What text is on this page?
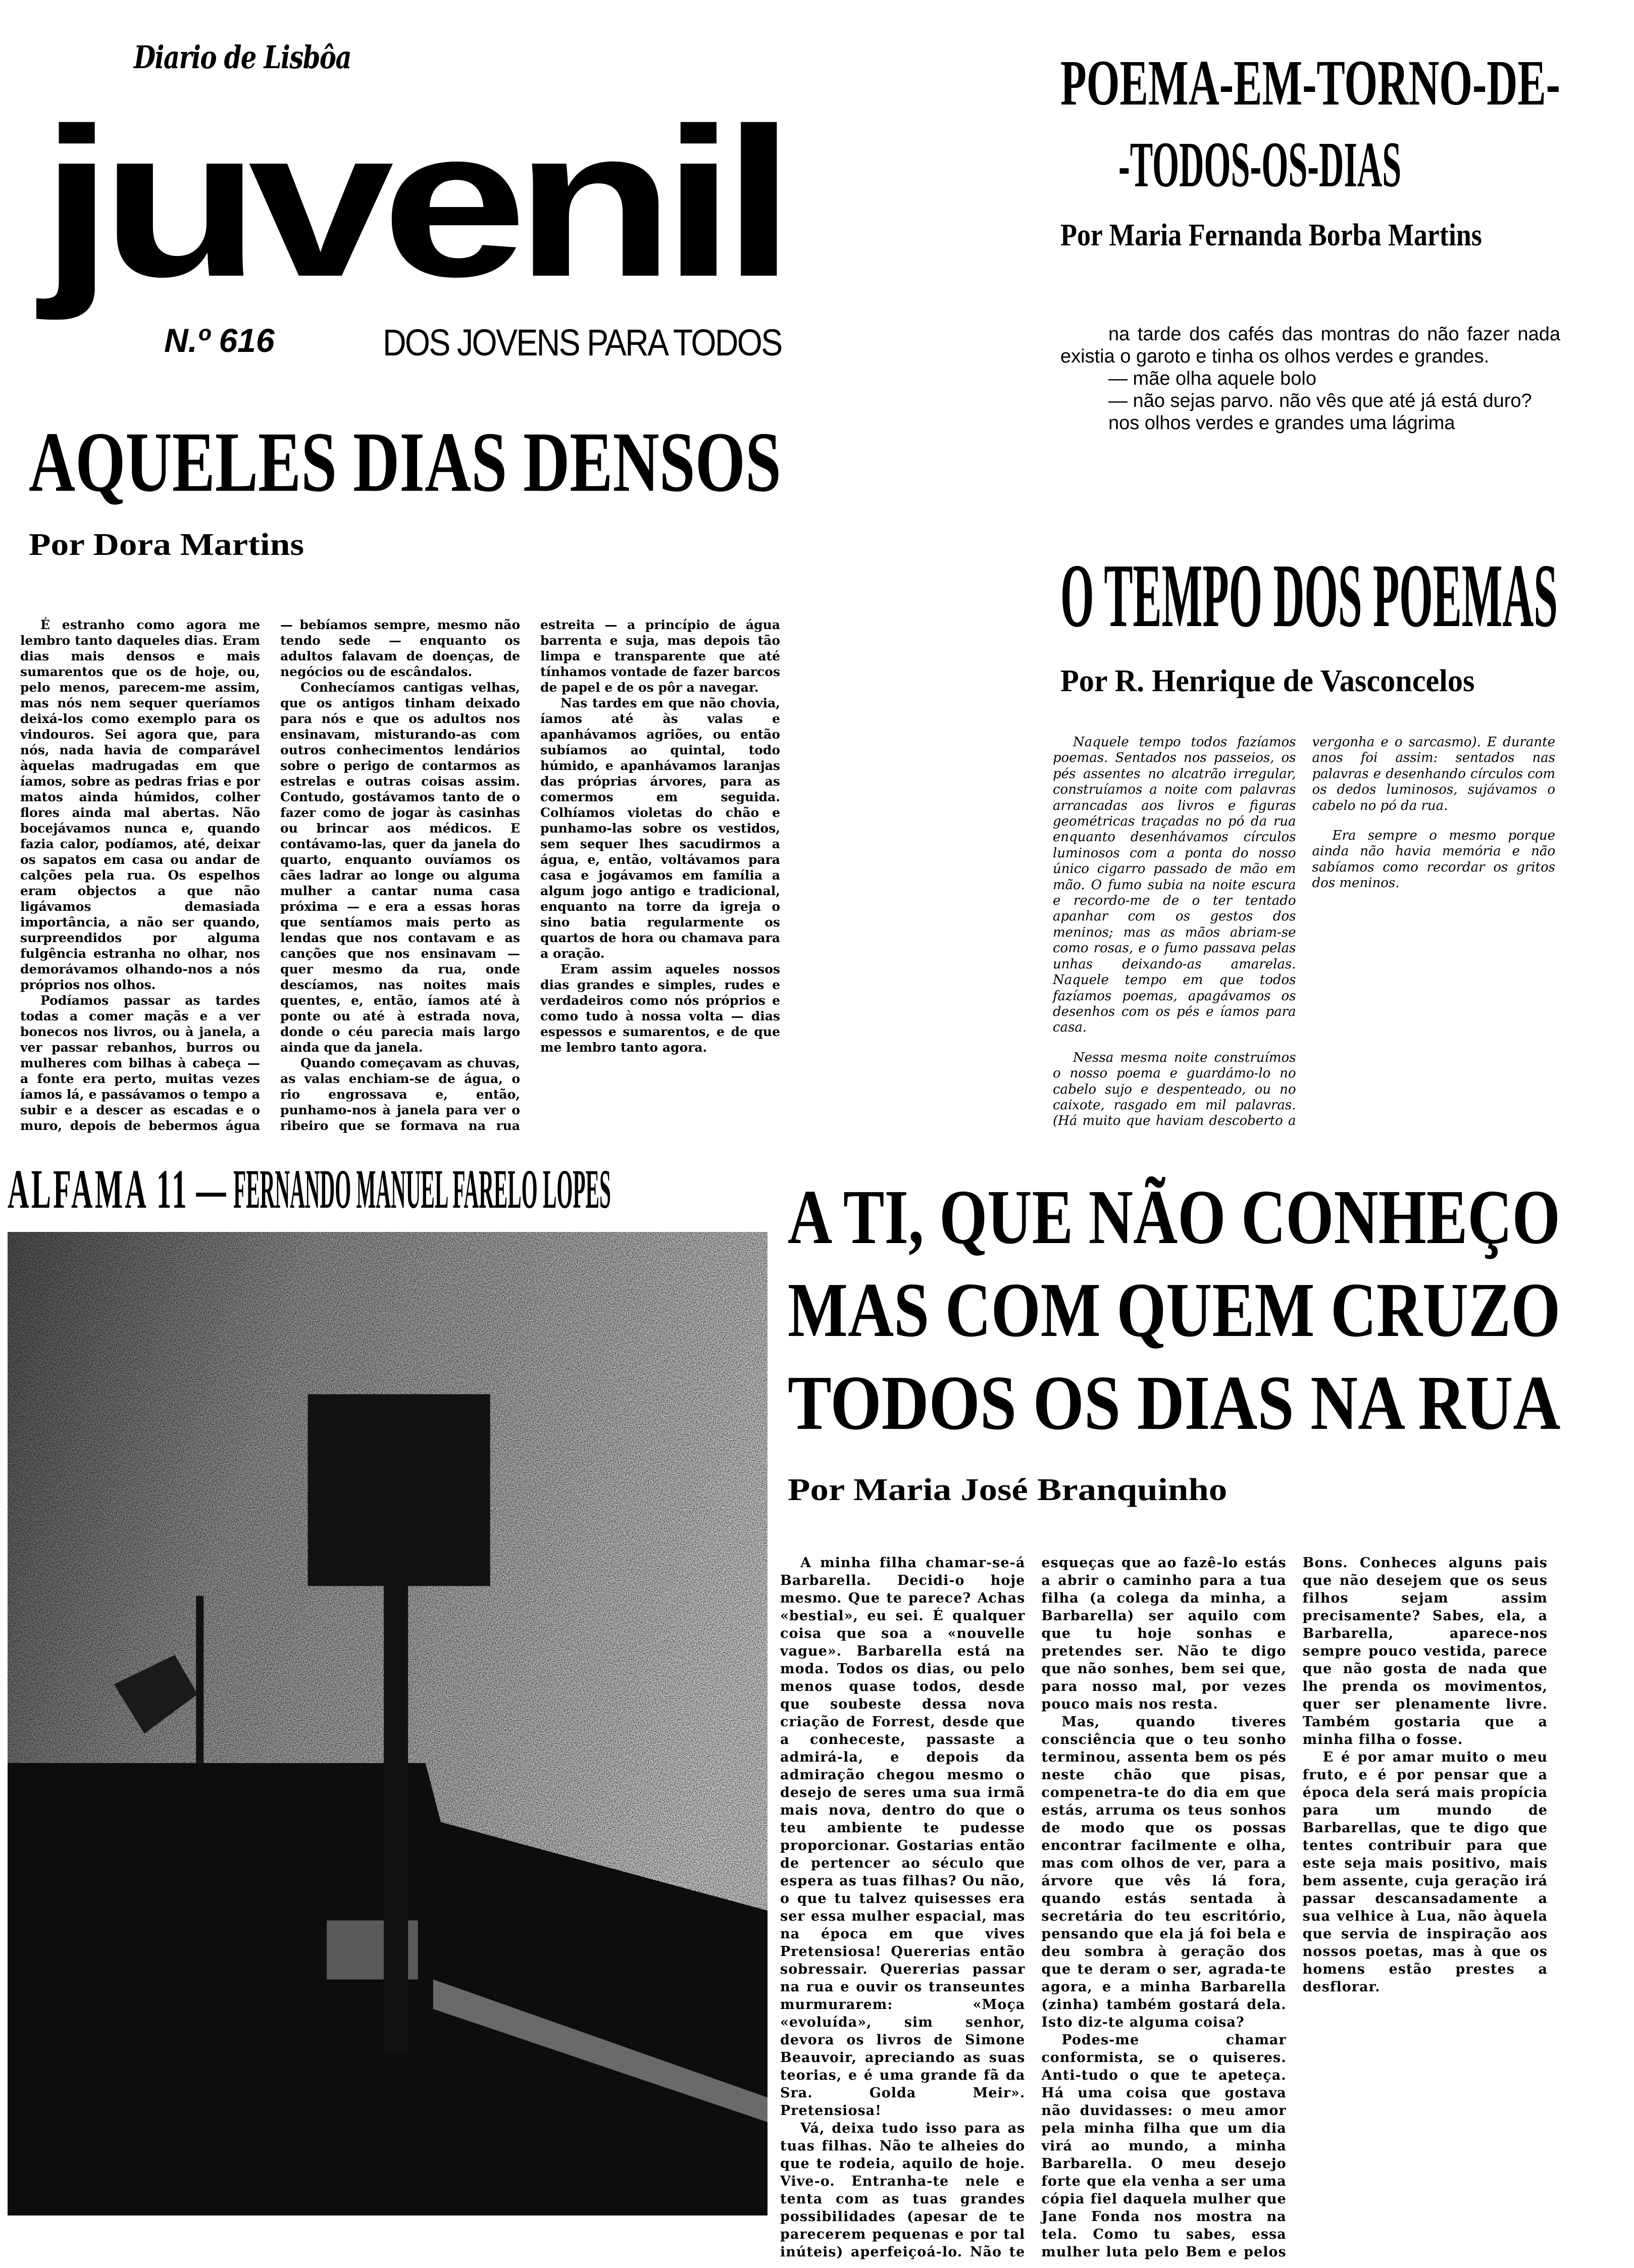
Diario de Lisbôa
juvenil
N.º 616	DOS JOVENS PARA TODOS
POEMA-EM-TORNO-DE-
-TODOS-OS-DIAS
Por Maria Fernanda Borba Martins

na tarde dos cafés das montras do não fazer nada existia o garoto e tinha os olhos verdes e grandes.

— mãe olha aquele bolo

— não sejas parvo. não vês que até já está duro?

nos olhos verdes e grandes uma lágrima

AQUELES DIAS DENSOS
Por Dora Martins

É estranho como agora me lembro tanto daqueles dias. Eram dias mais densos e mais sumarentos que os de hoje, ou, pelo menos, parecem-me assim, mas nós nem sequer queríamos deixá-los como exemplo para os vindouros. Sei agora que, para nós, nada havia de comparável àquelas madrugadas em que íamos, sobre as pedras frias e por matos ainda húmidos, colher flores ainda mal abertas. Não bocejávamos nunca e, quando fazia calor, podíamos, até, deixar os sapatos em casa ou andar de calções pela rua. Os espelhos eram objectos a que não ligávamos demasiada importância, a não ser quando, surpreendidos por alguma fulgência estranha no olhar, nos demorávamos olhando-nos a nós próprios nos olhos.

Podíamos passar as tardes todas a comer maçãs e a ver bonecos nos livros, ou à janela, a ver passar rebanhos, burros ou mulheres com bilhas à cabeça — a fonte era perto, muitas vezes íamos lá, e passávamos o tempo a subir e a descer as escadas e o muro, depois de bebermos água — bebíamos sempre, mesmo não tendo sede — enquanto os adultos falavam de doenças, de negócios ou de escândalos.

Conhecíamos cantigas velhas, que os antigos tinham deixado para nós e que os adultos nos ensinavam, misturando-as com outros conhecimentos lendários sobre o perigo de contarmos as estrelas e outras coisas assim. Contudo, gostávamos tanto de o fazer como de jogar às casinhas ou brincar aos médicos. E contávamo-las, quer da janela do quarto, enquanto ouvíamos os cães ladrar ao longe ou alguma mulher a cantar numa casa próxima — e era a essas horas que sentíamos mais perto as lendas que nos contavam e as canções que nos ensinavam — quer mesmo da rua, onde descíamos, nas noites mais quentes, e, então, íamos até à ponte ou até à estrada nova, donde o céu parecia mais largo ainda que da janela.

Quando começavam as chuvas, as valas enchiam-se de água, o rio engrossava e, então, punhamo-nos à janela para ver o ribeiro que se formava na rua estreita — a princípio de água barrenta e suja, mas depois tão limpa e transparente que até tínhamos vontade de fazer barcos de papel e de os pôr a navegar.

Nas tardes em que não chovia, íamos até às valas e apanhávamos agriões, ou então subíamos ao quintal, todo húmido, e apanhávamos laranjas das próprias árvores, para as comermos em seguida. Colhíamos violetas do chão e punhamo-las sobre os vestidos, sem sequer lhes sacudirmos a água, e, então, voltávamos para casa e jogávamos em família a algum jogo antigo e tradicional, enquanto na torre da igreja o sino batia regularmente os quartos de hora ou chamava para a oração.

Eram assim aqueles nossos dias grandes e simples, rudes e verdadeiros como nós próprios e como tudo à nossa volta — dias espessos e sumarentos, e de que me lembro tanto agora.

O TEMPO DOS POEMAS
Por R. Henrique de Vasconcelos

Naquele tempo todos fazíamos poemas. Sentados nos passeios, os pés assentes no alcatrão irregular, construíamos a noite com palavras arrancadas aos livros e figuras geométricas traçadas no pó da rua enquanto desenhávamos círculos luminosos com a ponta do nosso único cigarro passado de mão em mão. O fumo subia na noite escura e recordo-me de o ter tentado apanhar com os gestos dos meninos; mas as mãos abriam-se como rosas, e o fumo passava pelas unhas deixando-as amarelas. Naquele tempo em que todos fazíamos poemas, apagávamos os desenhos com os pés e íamos para casa.

Nessa mesma noite construímos o nosso poema e guardámo-lo no cabelo sujo e despenteado, ou no caixote, rasgado em mil palavras. (Há muito que haviam descoberto a vergonha e o sarcasmo). E durante anos foi assim: sentados nas palavras e desenhando círculos com os dedos luminosos, sujávamos o cabelo no pó da rua.

Era sempre o mesmo porque ainda não havia memória e não sabíamos como recordar os gritos dos meninos.

ALFAMA 11 — FERNANDO MANUEL FARELO LOPES	A TI, QUE NÃO CONHEÇO
MAS COM QUEM CRUZO
TODOS OS DIAS NA RUA
Por Maria José Branquinho

A minha filha chamar-se-á Barbarella. Decidi-o hoje mesmo. Que te parece? Achas «bestial», eu sei. É qualquer coisa que soa a «nouvelle vague». Barbarella está na moda. Todos os dias, ou pelo menos quase todos, desde que soubeste dessa nova criação de Forrest, desde que a conheceste, passaste a admirá-la, e depois da admiração chegou mesmo o desejo de seres uma sua irmã mais nova, dentro do que o teu ambiente te pudesse proporcionar. Gostarias então de pertencer ao século que espera as tuas filhas? Ou não, o que tu talvez quisesses era ser essa mulher espacial, mas na época em que vives Pretensiosa! Quererias então sobressair. Quererias passar na rua e ouvir os transeuntes murmurarem: «Moça «evoluída», sim senhor, devora os livros de Simone Beauvoir, apreciando as suas teorias, e é uma grande fã da Sra. Golda Meir». Pretensiosa!

Vá, deixa tudo isso para as tuas filhas. Não te alheies do que te rodeia, aquilo de hoje. Vive-o. Entranha-te nele e tenta com as tuas grandes possibilidades (apesar de te parecerem pequenas e por tal inúteis) aperfeiçoá-lo. Não te esqueças que ao fazê-lo estás a abrir o caminho para a tua filha (a colega da minha, a Barbarella) ser aquilo com que tu hoje sonhas e pretendes ser. Não te digo que não sonhes, bem sei que, para nosso mal, por vezes pouco mais nos resta.

Mas, quando tiveres consciência que o teu sonho terminou, assenta bem os pés neste chão que pisas, compenetra-te do dia em que estás, arruma os teus sonhos de modo que os possas encontrar facilmente e olha, mas com olhos de ver, para a árvore que vês lá fora, quando estás sentada à secretária do teu escritório, pensando que ela já foi bela e deu sombra à geração dos que te deram o ser, agrada-te agora, e a minha Barbarella (zinha) também gostará dela. Isto diz-te alguma coisa?

Podes-me chamar conformista, se o quiseres. Anti-tudo o que te apeteça. Há uma coisa que gostava não duvidasses: o meu amor pela minha filha que um dia virá ao mundo, a minha Barbarella. O meu desejo forte que ela venha a ser uma cópia fiel daquela mulher que Jane Fonda nos mostra na tela. Como tu sabes, essa mulher luta pelo Bem e pelos Bons. Conheces alguns pais que não desejem que os seus filhos sejam assim precisamente? Sabes, ela, a Barbarella, aparece-nos sempre pouco vestida, parece que não gosta de nada que lhe prenda os movimentos, quer ser plenamente livre. Também gostaria que a minha filha o fosse.

E é por amar muito o meu fruto, e é por pensar que a época dela será mais propícia para um mundo de Barbarellas, que te digo que tentes contribuir para que este seja mais positivo, mais bem assente, cuja geração irá passar descansadamente a sua velhice à Lua, não àquela que servia de inspiração aos nossos poetas, mas à que os homens estão prestes a desflorar.
